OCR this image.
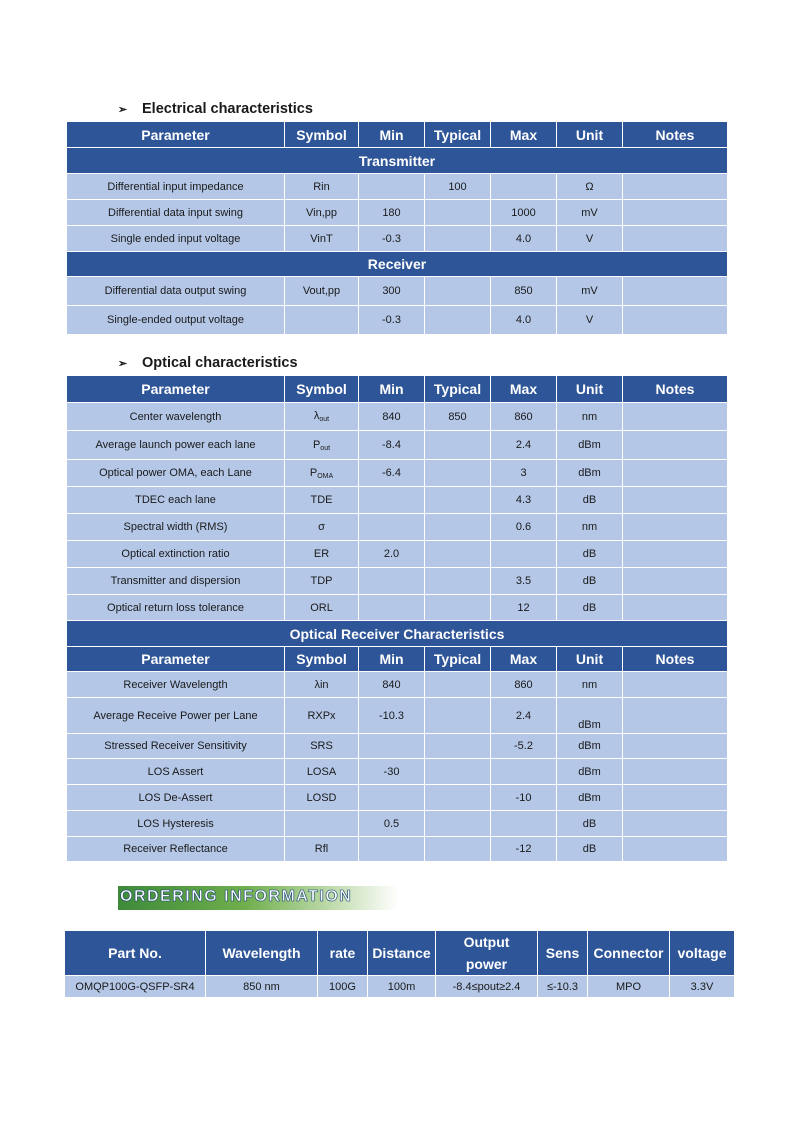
➢ Electrical characteristics
Parameter	Symbol	Min	Typical	Max	Unit	Notes
Transmitter						
Differential input impedance	Rin		100		Ω	
Differential data input swing	Vin,pp	180		1000	mV	
Single ended input voltage	VinT	-0.3		4.0	V	
Receiver						
Differential data output swing	Vout,pp	300		850	mV	
Single-ended output voltage		-0.3		4.0	V	
➢ Optical characteristics
Parameter	Symbol	Min	Typical	Max	Unit	Notes
Center wavelength	$\lambda_{out}$	840	850	860	nm	
Average launch power each lane	$P_{out}$	-8.4		2.4	dBm	
Optical power OMA, each Lane	$P_{OMA}$	-6.4		3	dBm	
TDEC each lane	TDE			4.3	dB	
Spectral width (RMS)	σ			0.6	nm	
Optical extinction ratio	ER	2.0			dB	
Transmitter and dispersion	TDP			3.5	dB	
Optical return loss tolerance	ORL			12	dB	
Optical Receiver Characteristics						
Parameter	Symbol	Min	Typical	Max	Unit	Notes
Receiver Wavelength	λin	840		860	nm	
Average Receive Power per Lane	RXPx	-10.3		2.4	dBm	
Stressed Receiver Sensitivity	SRS			-5.2	dBm	
LOS Assert	LOSA	-30			dBm	
LOS De-Assert	LOSD			-10	dBm	
LOS Hysteresis		0.5			dB	
Receiver Reflectance	Rfl			-12	dB	
ORDERING INFORMATION
Part No.	Wavelength	rate	Distance	Output power	Sens	Connector	voltage
OMQP100G-QSFP-SR4	850 nm	100G	100m	-8.4≤pout≥2.4	≤-10.3	MPO	3.3V
